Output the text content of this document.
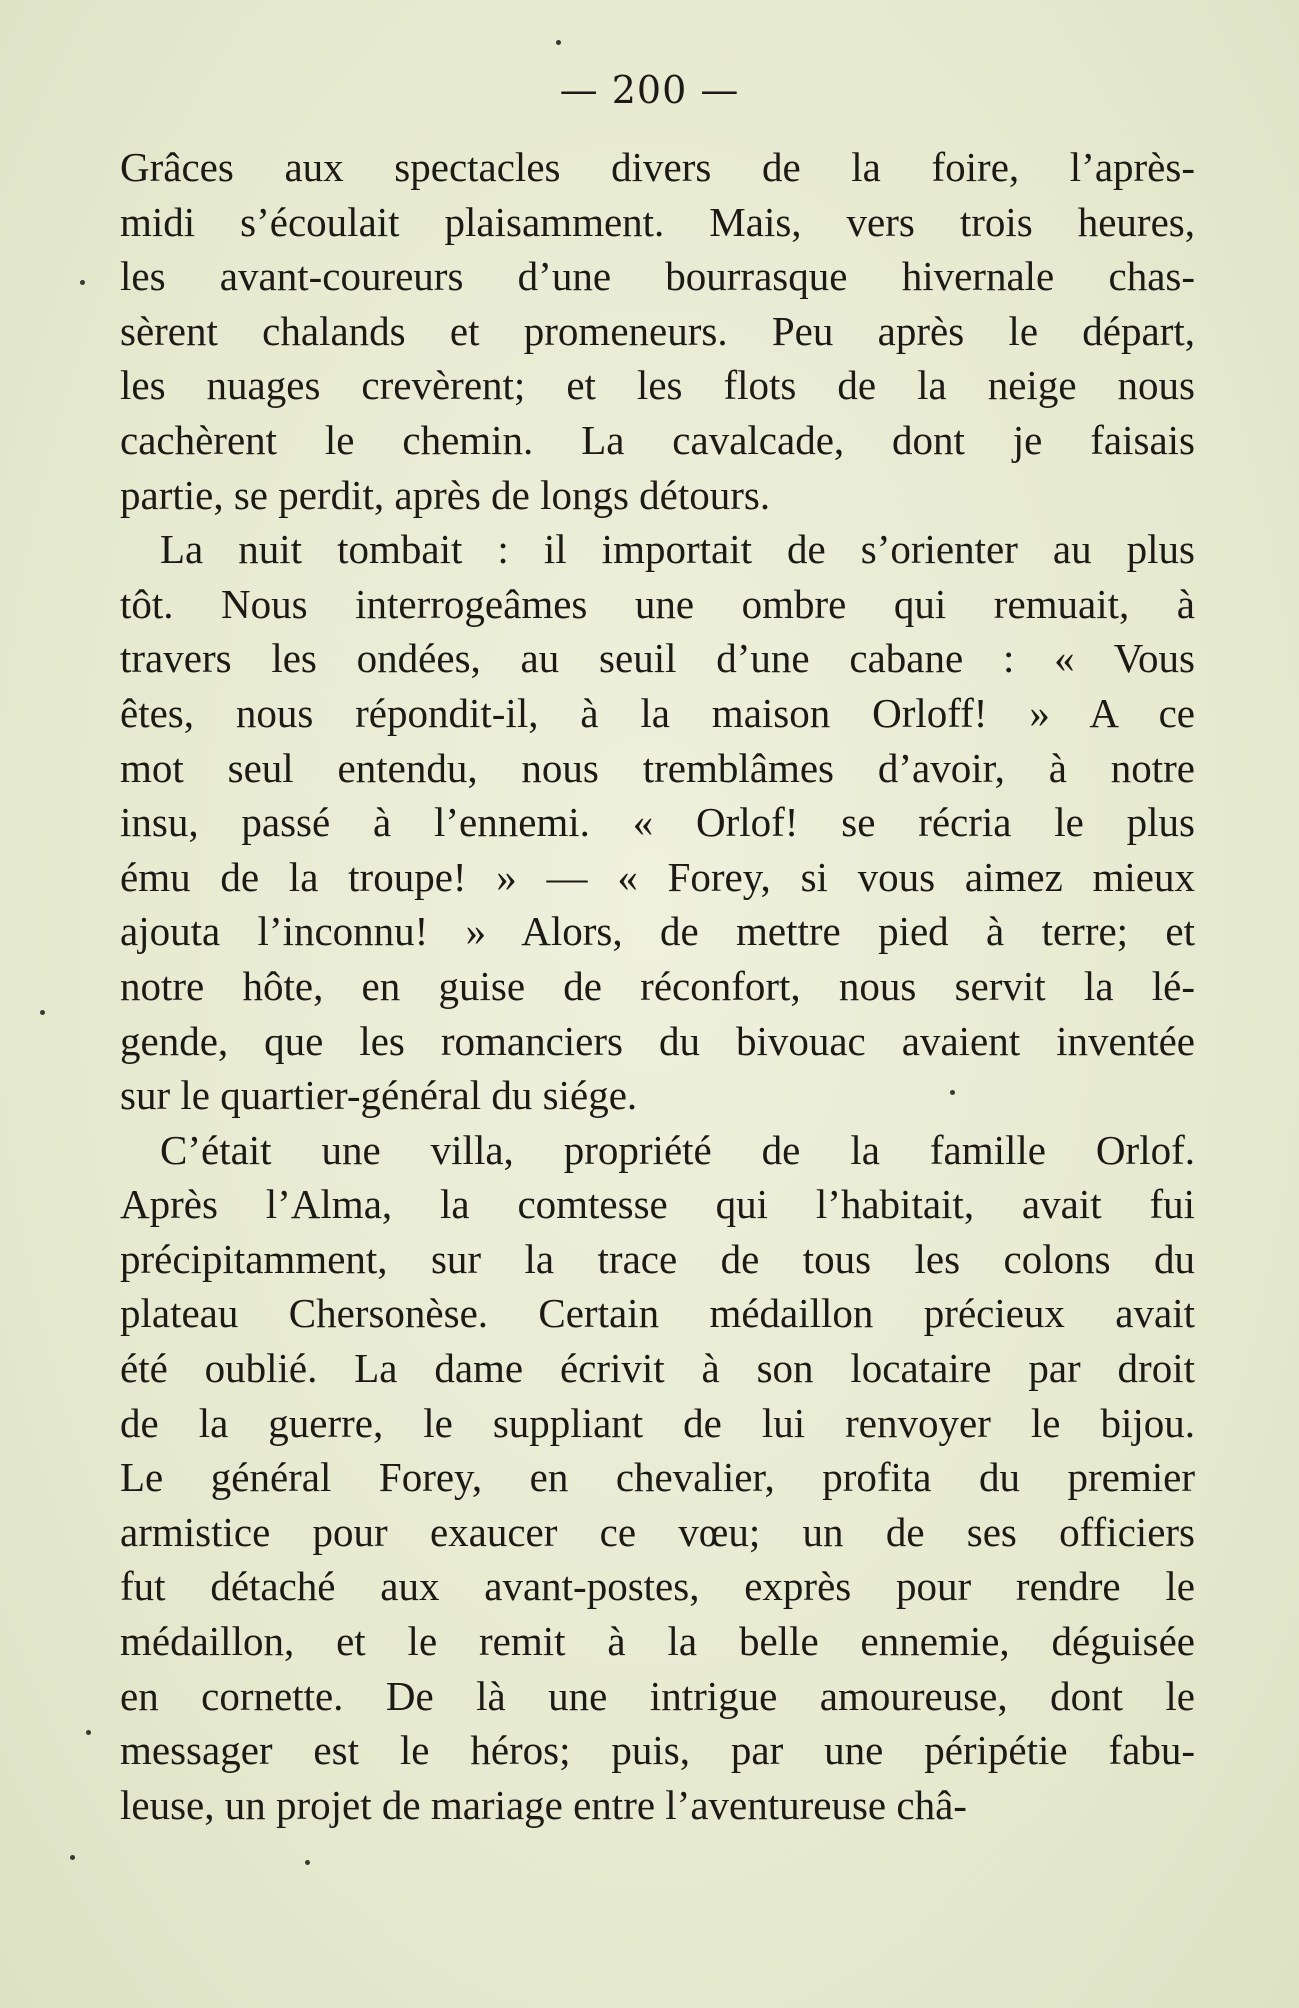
— 200 —
Grâces aux spectacles divers de la foire, l’après-
midi s’écoulait plaisamment. Mais, vers trois heures,
les avant-coureurs d’une bourrasque hivernale chas-
sèrent chalands et promeneurs. Peu après le départ,
les nuages crevèrent; et les flots de la neige nous
cachèrent le chemin. La cavalcade, dont je faisais
partie, se perdit, après de longs détours.
La nuit tombait : il importait de s’orienter au plus
tôt. Nous interrogeâmes une ombre qui remuait, à
travers les ondées, au seuil d’une cabane : « Vous
êtes, nous répondit-il, à la maison Orloff! » A ce
mot seul entendu, nous tremblâmes d’avoir, à notre
insu, passé à l’ennemi. « Orlof! se récria le plus
ému de la troupe! » — « Forey, si vous aimez mieux
ajouta l’inconnu! » Alors, de mettre pied à terre; et
notre hôte, en guise de réconfort, nous servit la lé-
gende, que les romanciers du bivouac avaient inventée
sur le quartier-général du siége.
C’était une villa, propriété de la famille Orlof.
Après l’Alma, la comtesse qui l’habitait, avait fui
précipitamment, sur la trace de tous les colons du
plateau Chersonèse. Certain médaillon précieux avait
été oublié. La dame écrivit à son locataire par droit
de la guerre, le suppliant de lui renvoyer le bijou.
Le général Forey, en chevalier, profita du premier
armistice pour exaucer ce vœu; un de ses officiers
fut détaché aux avant-postes, exprès pour rendre le
médaillon, et le remit à la belle ennemie, déguisée
en cornette. De là une intrigue amoureuse, dont le
messager est le héros; puis, par une péripétie fabu-
leuse, un projet de mariage entre l’aventureuse châ-
